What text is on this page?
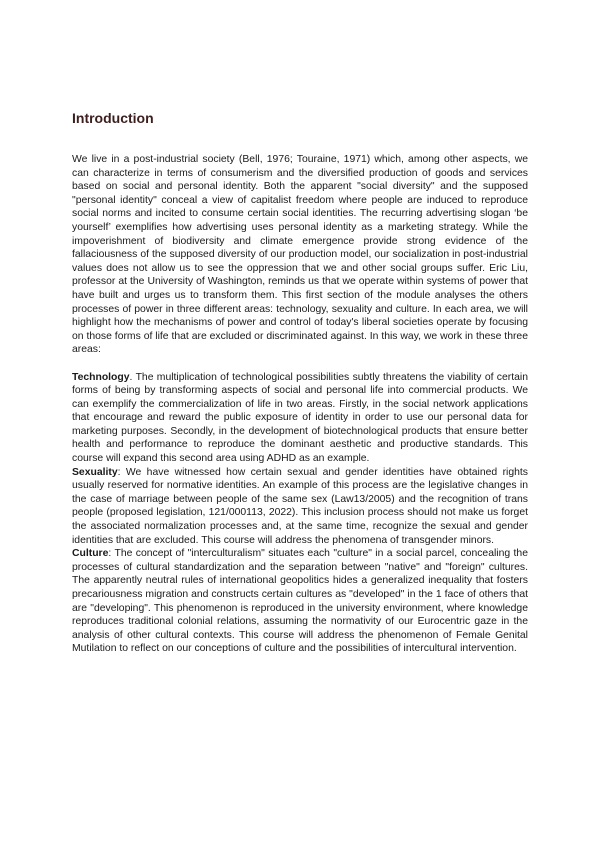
Introduction

We live in a post-industrial society (Bell, 1976; Touraine, 1971) which, among other aspects, we can characterize in terms of consumerism and the diversified production of goods and services based on social and personal identity. Both the apparent "social diversity" and the supposed "personal identity" conceal a view of capitalist freedom where people are induced to reproduce social norms and incited to consume certain social identities. The recurring advertising slogan ‘be yourself’ exemplifies how advertising uses personal identity as a marketing strategy. While the impoverishment of biodiversity and climate emergence provide strong evidence of the fallaciousness of the supposed diversity of our production model, our socialization in post-industrial values does not allow us to see the oppression that we and other social groups suffer. Eric Liu, professor at the University of Washington, reminds us that we operate within systems of power that have built and urges us to transform them. This first section of the module analyses the others processes of power in three different areas: technology, sexuality and culture. In each area, we will highlight how the mechanisms of power and control of today's liberal societies operate by focusing on those forms of life that are excluded or discriminated against. In this way, we work in these three areas:

Technology. The multiplication of technological possibilities subtly threatens the viability of certain forms of being by transforming aspects of social and personal life into commercial products. We can exemplify the commercialization of life in two areas. Firstly, in the social network applications that encourage and reward the public exposure of identity in order to use our personal data for marketing purposes. Secondly, in the development of biotechnological products that ensure better health and performance to reproduce the dominant aesthetic and productive standards. This course will expand this second area using ADHD as an example.

Sexuality: We have witnessed how certain sexual and gender identities have obtained rights usually reserved for normative identities. An example of this process are the legislative changes in the case of marriage between people of the same sex (Law13/2005) and the recognition of trans people (proposed legislation, 121/000113, 2022). This inclusion process should not make us forget the associated normalization processes and, at the same time, recognize the sexual and gender identities that are excluded. This course will address the phenomena of transgender minors.

Culture: The concept of "interculturalism" situates each "culture" in a social parcel, concealing the processes of cultural standardization and the separation between "native" and "foreign" cultures. The apparently neutral rules of international geopolitics hides a generalized inequality that fosters precariousness migration and constructs certain cultures as "developed" in the 1 face of others that are "developing". This phenomenon is reproduced in the university environment, where knowledge reproduces traditional colonial relations, assuming the normativity of our Eurocentric gaze in the analysis of other cultural contexts. This course will address the phenomenon of Female Genital Mutilation to reflect on our conceptions of culture and the possibilities of intercultural intervention.
